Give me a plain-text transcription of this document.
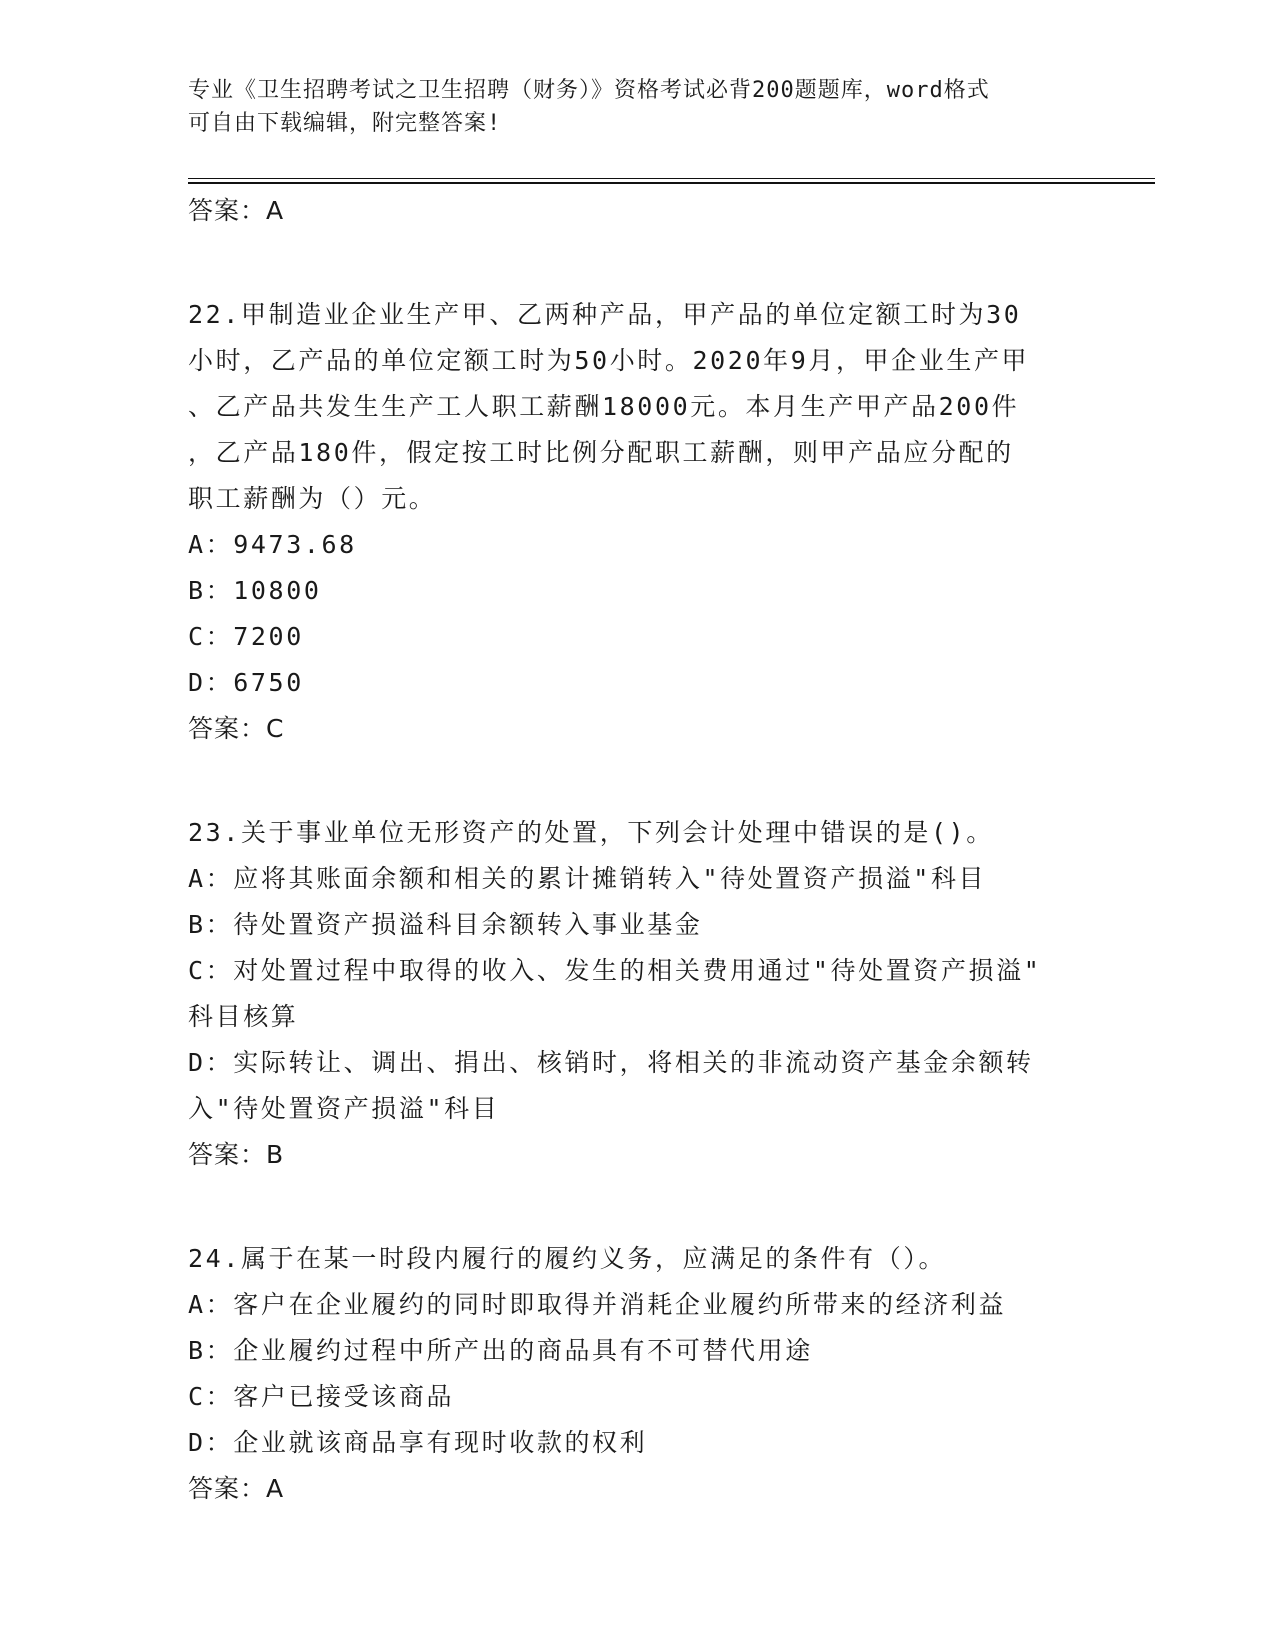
专业《卫生招聘考试之卫生招聘（财务）》资格考试必背200题题库，word格式
可自由下载编辑，附完整答案!
答案：A
22.甲制造业企业生产甲、乙两种产品，甲产品的单位定额工时为30
小时，乙产品的单位定额工时为50小时。2020年9月，甲企业生产甲
、乙产品共发生生产工人职工薪酬18000元。本月生产甲产品200件
，乙产品180件，假定按工时比例分配职工薪酬，则甲产品应分配的
职工薪酬为（）元。
A：9473.68
B：10800
C：7200
D：6750
答案：C
23.关于事业单位无形资产的处置，下列会计处理中错误的是()。
A：应将其账面余额和相关的累计摊销转入"待处置资产损溢"科目
B：待处置资产损溢科目余额转入事业基金
C：对处置过程中取得的收入、发生的相关费用通过"待处置资产损溢"
科目核算
D：实际转让、调出、捐出、核销时，将相关的非流动资产基金余额转
入"待处置资产损溢"科目
答案：B
24.属于在某一时段内履行的履约义务，应满足的条件有（）。
A：客户在企业履约的同时即取得并消耗企业履约所带来的经济利益
B：企业履约过程中所产出的商品具有不可替代用途
C：客户已接受该商品
D：企业就该商品享有现时收款的权利
答案：A
